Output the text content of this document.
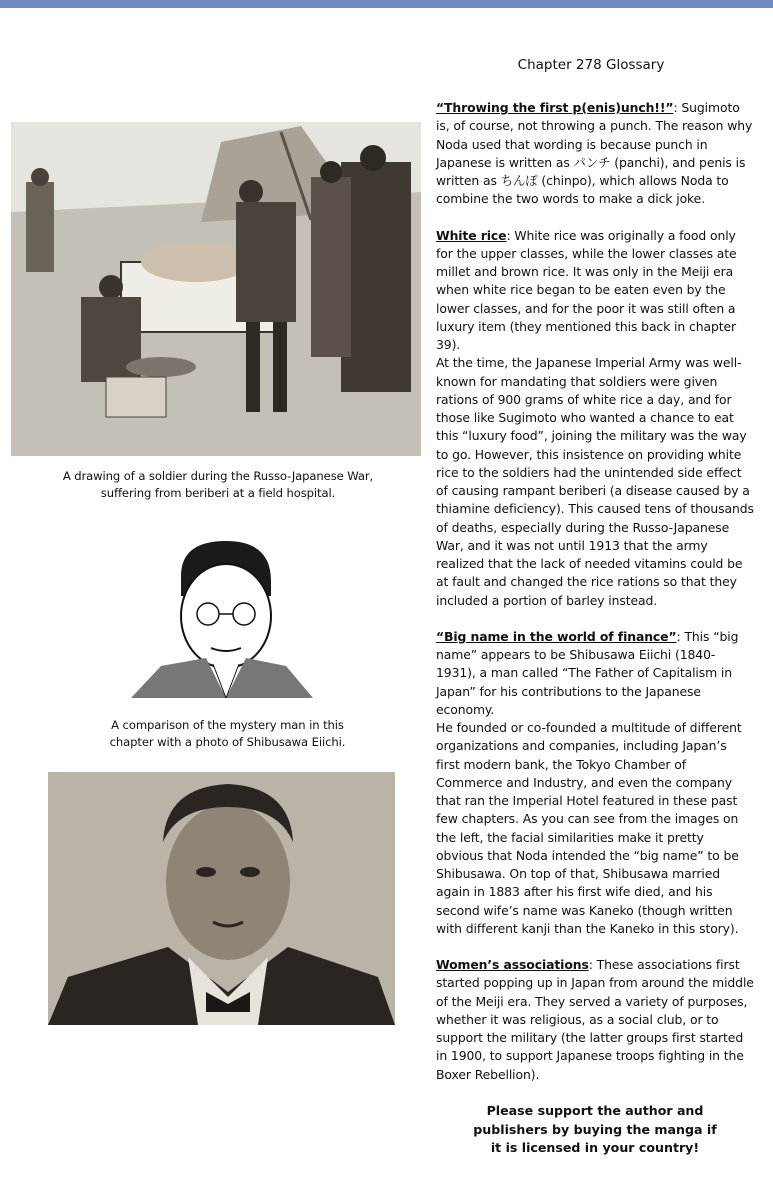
Chapter 278 Glossary
A drawing of a soldier during the Russo-Japanese War, suffering from beriberi at a field hospital.
A comparison of the mystery man in this chapter with a photo of Shibusawa Eiichi.

“Throwing the first p(enis)unch!!”: Sugimoto is, of course, not throwing a punch. The reason why Noda used that wording is because punch in Japanese is written as パンチ (panchi), and penis is written as ちんぽ (chinpo), which allows Noda to combine the two words to make a dick joke.

White rice: White rice was originally a food only for the upper classes, while the lower classes ate millet and brown rice. It was only in the Meiji era when white rice began to be eaten even by the lower classes, and for the poor it was still often a luxury item (they mentioned this back in chapter 39).

At the time, the Japanese Imperial Army was well-known for mandating that soldiers were given rations of 900 grams of white rice a day, and for those like Sugimoto who wanted a chance to eat this “luxury food”, joining the military was the way to go. However, this insistence on providing white rice to the soldiers had the unintended side effect of causing rampant beriberi (a disease caused by a thiamine deficiency). This caused tens of thousands of deaths, especially during the Russo-Japanese War, and it was not until 1913 that the army realized that the lack of needed vitamins could be at fault and changed the rice rations so that they included a portion of barley instead.

“Big name in the world of finance”: This “big name” appears to be Shibusawa Eiichi (1840-1931), a man called “The Father of Capitalism in Japan” for his contributions to the Japanese economy.

He founded or co-founded a multitude of different organizations and companies, including Japan’s first modern bank, the Tokyo Chamber of Commerce and Industry, and even the company that ran the Imperial Hotel featured in these past few chapters. As you can see from the images on the left, the facial similarities make it pretty obvious that Noda intended the “big name” to be Shibusawa. On top of that, Shibusawa married again in 1883 after his first wife died, and his second wife’s name was Kaneko (though written with different kanji than the Kaneko in this story).

Women’s associations: These associations first started popping up in Japan from around the middle of the Meiji era. They served a variety of purposes, whether it was religious, as a social club, or to support the military (the latter groups first started in 1900, to support Japanese troops fighting in the Boxer Rebellion).

Please support the author and publishers by buying the manga if it is licensed in your country!
